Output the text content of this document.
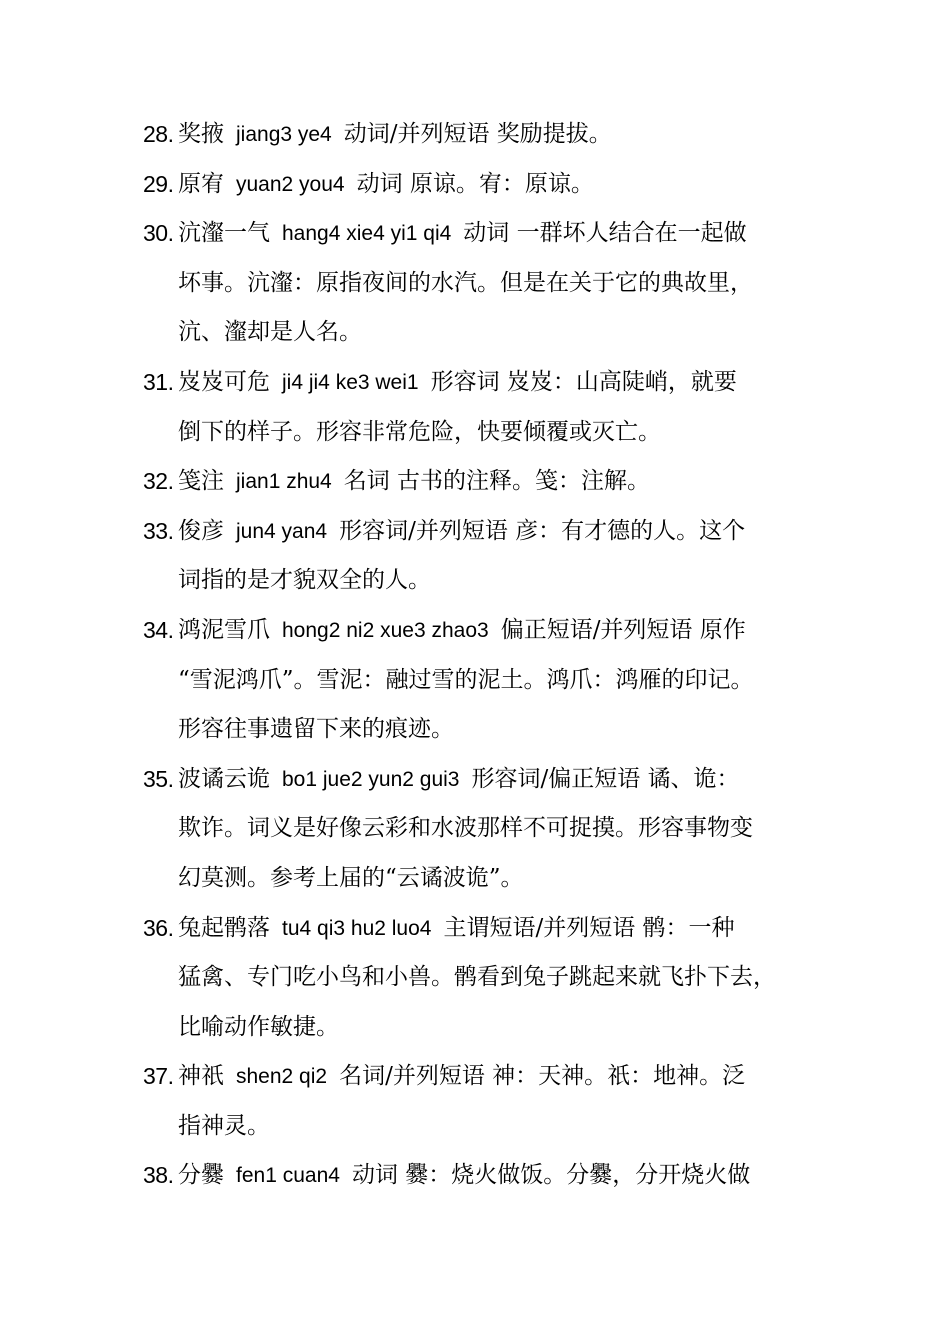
28. 奖掖 jiang3 ye4 动词/并列短语 奖励提拔。

29. 原宥 yuan2 you4 动词 原谅。宥：原谅。

30. 沆瀣一气 hang4 xie4 yi1 qi4 动词 一群坏人结合在一起做
坏事。沆瀣：原指夜间的水汽。但是在关于它的典故里，
沆、瀣却是人名。

31. 岌岌可危 ji4 ji4 ke3 wei1 形容词 岌岌：山高陡峭，就要
倒下的样子。形容非常危险，快要倾覆或灭亡。

32. 笺注 jian1 zhu4 名词 古书的注释。笺：注解。

33. 俊彦 jun4 yan4 形容词/并列短语 彦：有才德的人。这个
词指的是才貌双全的人。

34. 鸿泥雪爪 hong2 ni2 xue3 zhao3 偏正短语/并列短语 原作
“雪泥鸿爪”。雪泥：融过雪的泥土。鸿爪：鸿雁的印记。
形容往事遗留下来的痕迹。

35. 波谲云诡 bo1 jue2 yun2 gui3 形容词/偏正短语 谲、诡：
欺诈。词义是好像云彩和水波那样不可捉摸。形容事物变
幻莫测。参考上届的“云谲波诡”。

36. 兔起鹘落 tu4 qi3 hu2 luo4 主谓短语/并列短语 鹘：一种
猛禽、专门吃小鸟和小兽。鹘看到兔子跳起来就飞扑下去，
比喻动作敏捷。

37. 神祇 shen2 qi2 名词/并列短语 神：天神。祇：地神。泛
指神灵。

38. 分爨 fen1 cuan4 动词 爨：烧火做饭。分爨，分开烧火做
